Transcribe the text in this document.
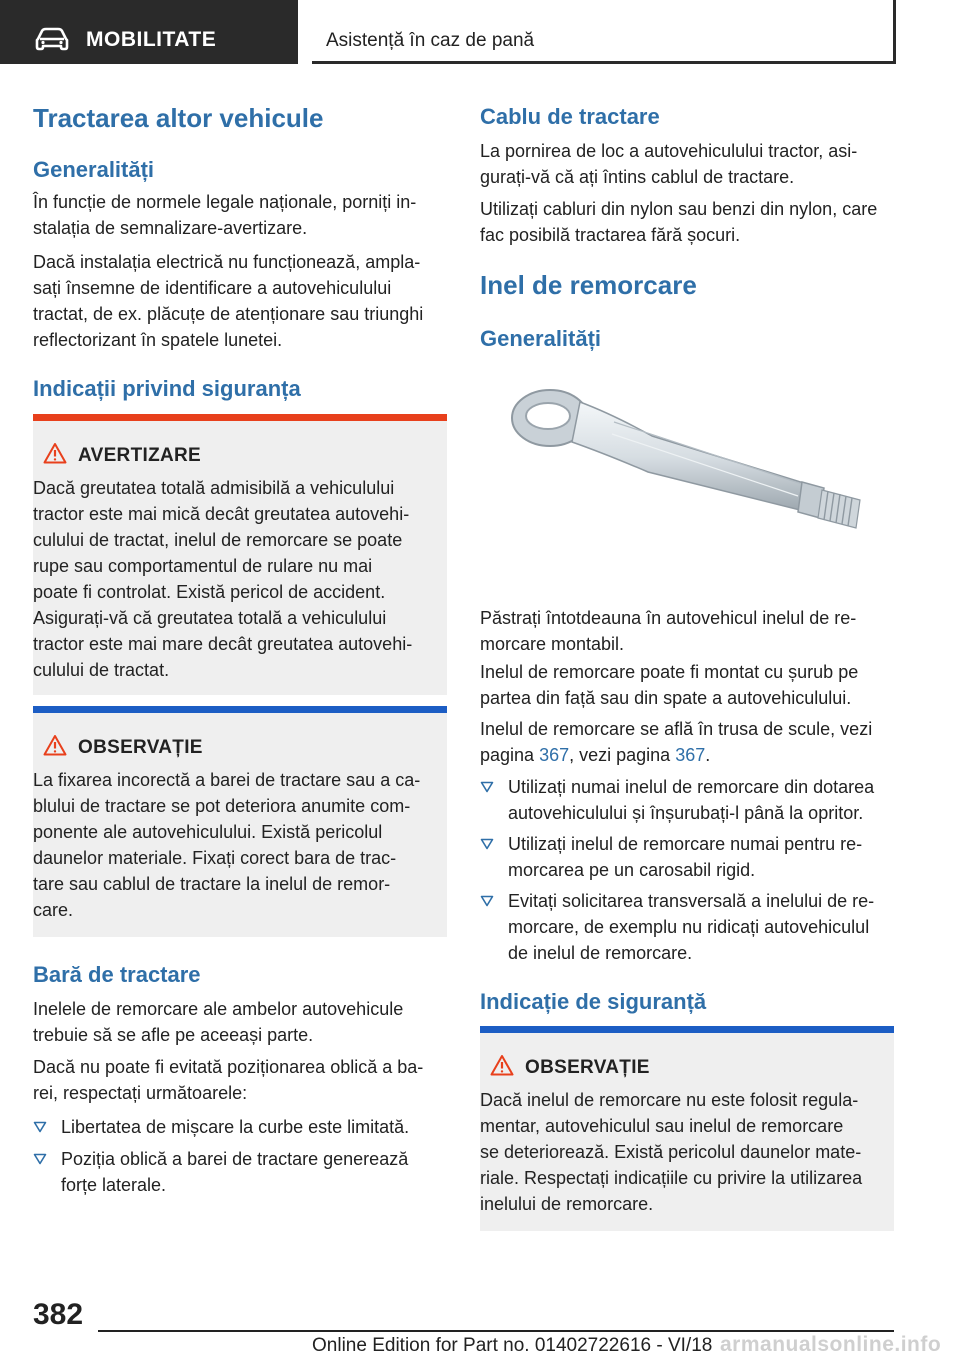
MOBILITATE	Asistență în caz de pană
Tractarea altor vehicule
Generalități
În funcție de normele legale naționale, porniți in-
stalația de semnalizare-avertizare.
Dacă instalația electrică nu funcționează, ampla-
sați însemne de identificare a autovehiculului
tractat, de ex. plăcuțe de atenționare sau triunghi
reflectorizant în spatele lunetei.
Indicații privind siguranța
AVERTIZARE
Dacă greutatea totală admisibilă a vehiculului
tractor este mai mică decât greutatea autovehi-
culului de tractat, inelul de remorcare se poate
rupe sau comportamentul de rulare nu mai
poate fi controlat. Există pericol de accident.
Asigurați-vă că greutatea totală a vehiculului
tractor este mai mare decât greutatea autovehi-
culului de tractat.
OBSERVAȚIE
La fixarea incorectă a barei de tractare sau a ca-
blului de tractare se pot deteriora anumite com-
ponente ale autovehiculului. Există pericolul
daunelor materiale. Fixați corect bara de trac-
tare sau cablul de tractare la inelul de remor-
care.
Bară de tractare
Inelele de remorcare ale ambelor autovehicule
trebuie să se afle pe aceeași parte.
Dacă nu poate fi evitată poziționarea oblică a ba-
rei, respectați următoarele:
Libertatea de mișcare la curbe este limitată.
Poziția oblică a barei de tractare generează
forțe laterale.
Cablu de tractare
La pornirea de loc a autovehiculului tractor, asi-
gurați-vă că ați întins cablul de tractare.
Utilizați cabluri din nylon sau benzi din nylon, care
fac posibilă tractarea fără șocuri.
Inel de remorcare
Generalități
Păstrați întotdeauna în autovehicul inelul de re-
morcare montabil.
Inelul de remorcare poate fi montat cu șurub pe
partea din față sau din spate a autovehiculului.
Inelul de remorcare se află în trusa de scule, vezi
pagina 367, vezi pagina 367.
Utilizați numai inelul de remorcare din dotarea
autovehiculului și înșurubați-l până la opritor.
Utilizați inelul de remorcare numai pentru re-
morcarea pe un carosabil rigid.
Evitați solicitarea transversală a inelului de re-
morcare, de exemplu nu ridicați autovehiculul
de inelul de remorcare.
Indicație de siguranță
OBSERVAȚIE
Dacă inelul de remorcare nu este folosit regula-
mentar, autovehiculul sau inelul de remorcare
se deteriorează. Există pericolul daunelor mate-
riale. Respectați indicațiile cu privire la utilizarea
inelului de remorcare.
382
Online Edition for Part no. 01402722616 - VI/18 armanualsonline.info
